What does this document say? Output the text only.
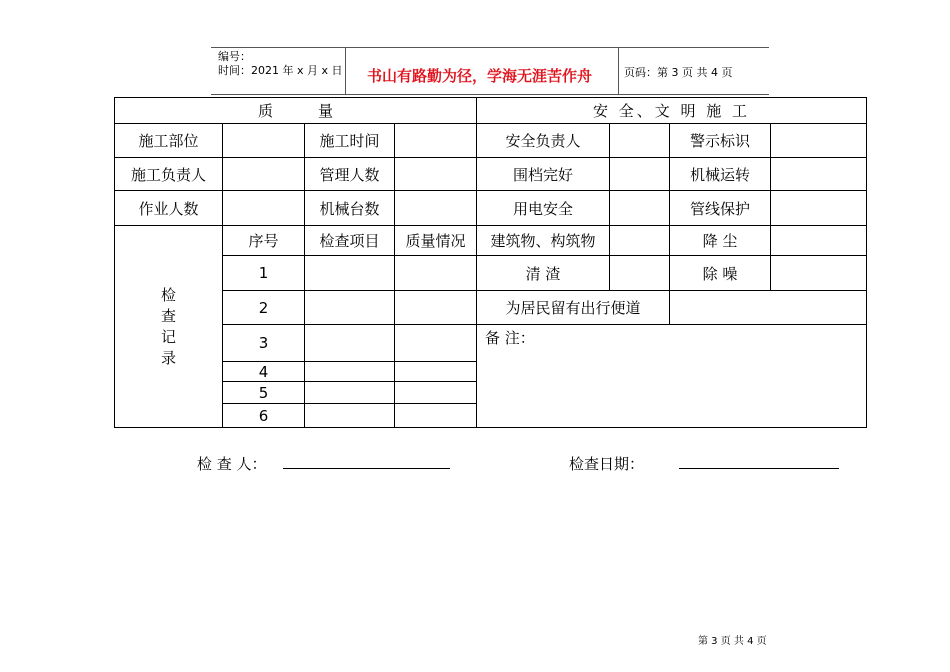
编号：
时间：2021 年 x 月 x 日 书山有路勤为径，学海无涯苦作舟	页码：第 3 页 共 4 页
质　　　量				安 全、文 明 施 工			
施工部位		施工时间		安全负责人		警示标识	
施工负责人		管理人数		围档完好		机械运转	
作业人数		机械台数		用电安全		管线保护	
检查记录	序号	检查项目	质量情况	建筑物、构筑物		降 尘	
	1			清 渣		除 噪	
	2			为居民留有出行便道			
	3			备 注：			
	4						
	5						
	6						
检 查 人：	检查日期：
第 3 页 共 4 页
